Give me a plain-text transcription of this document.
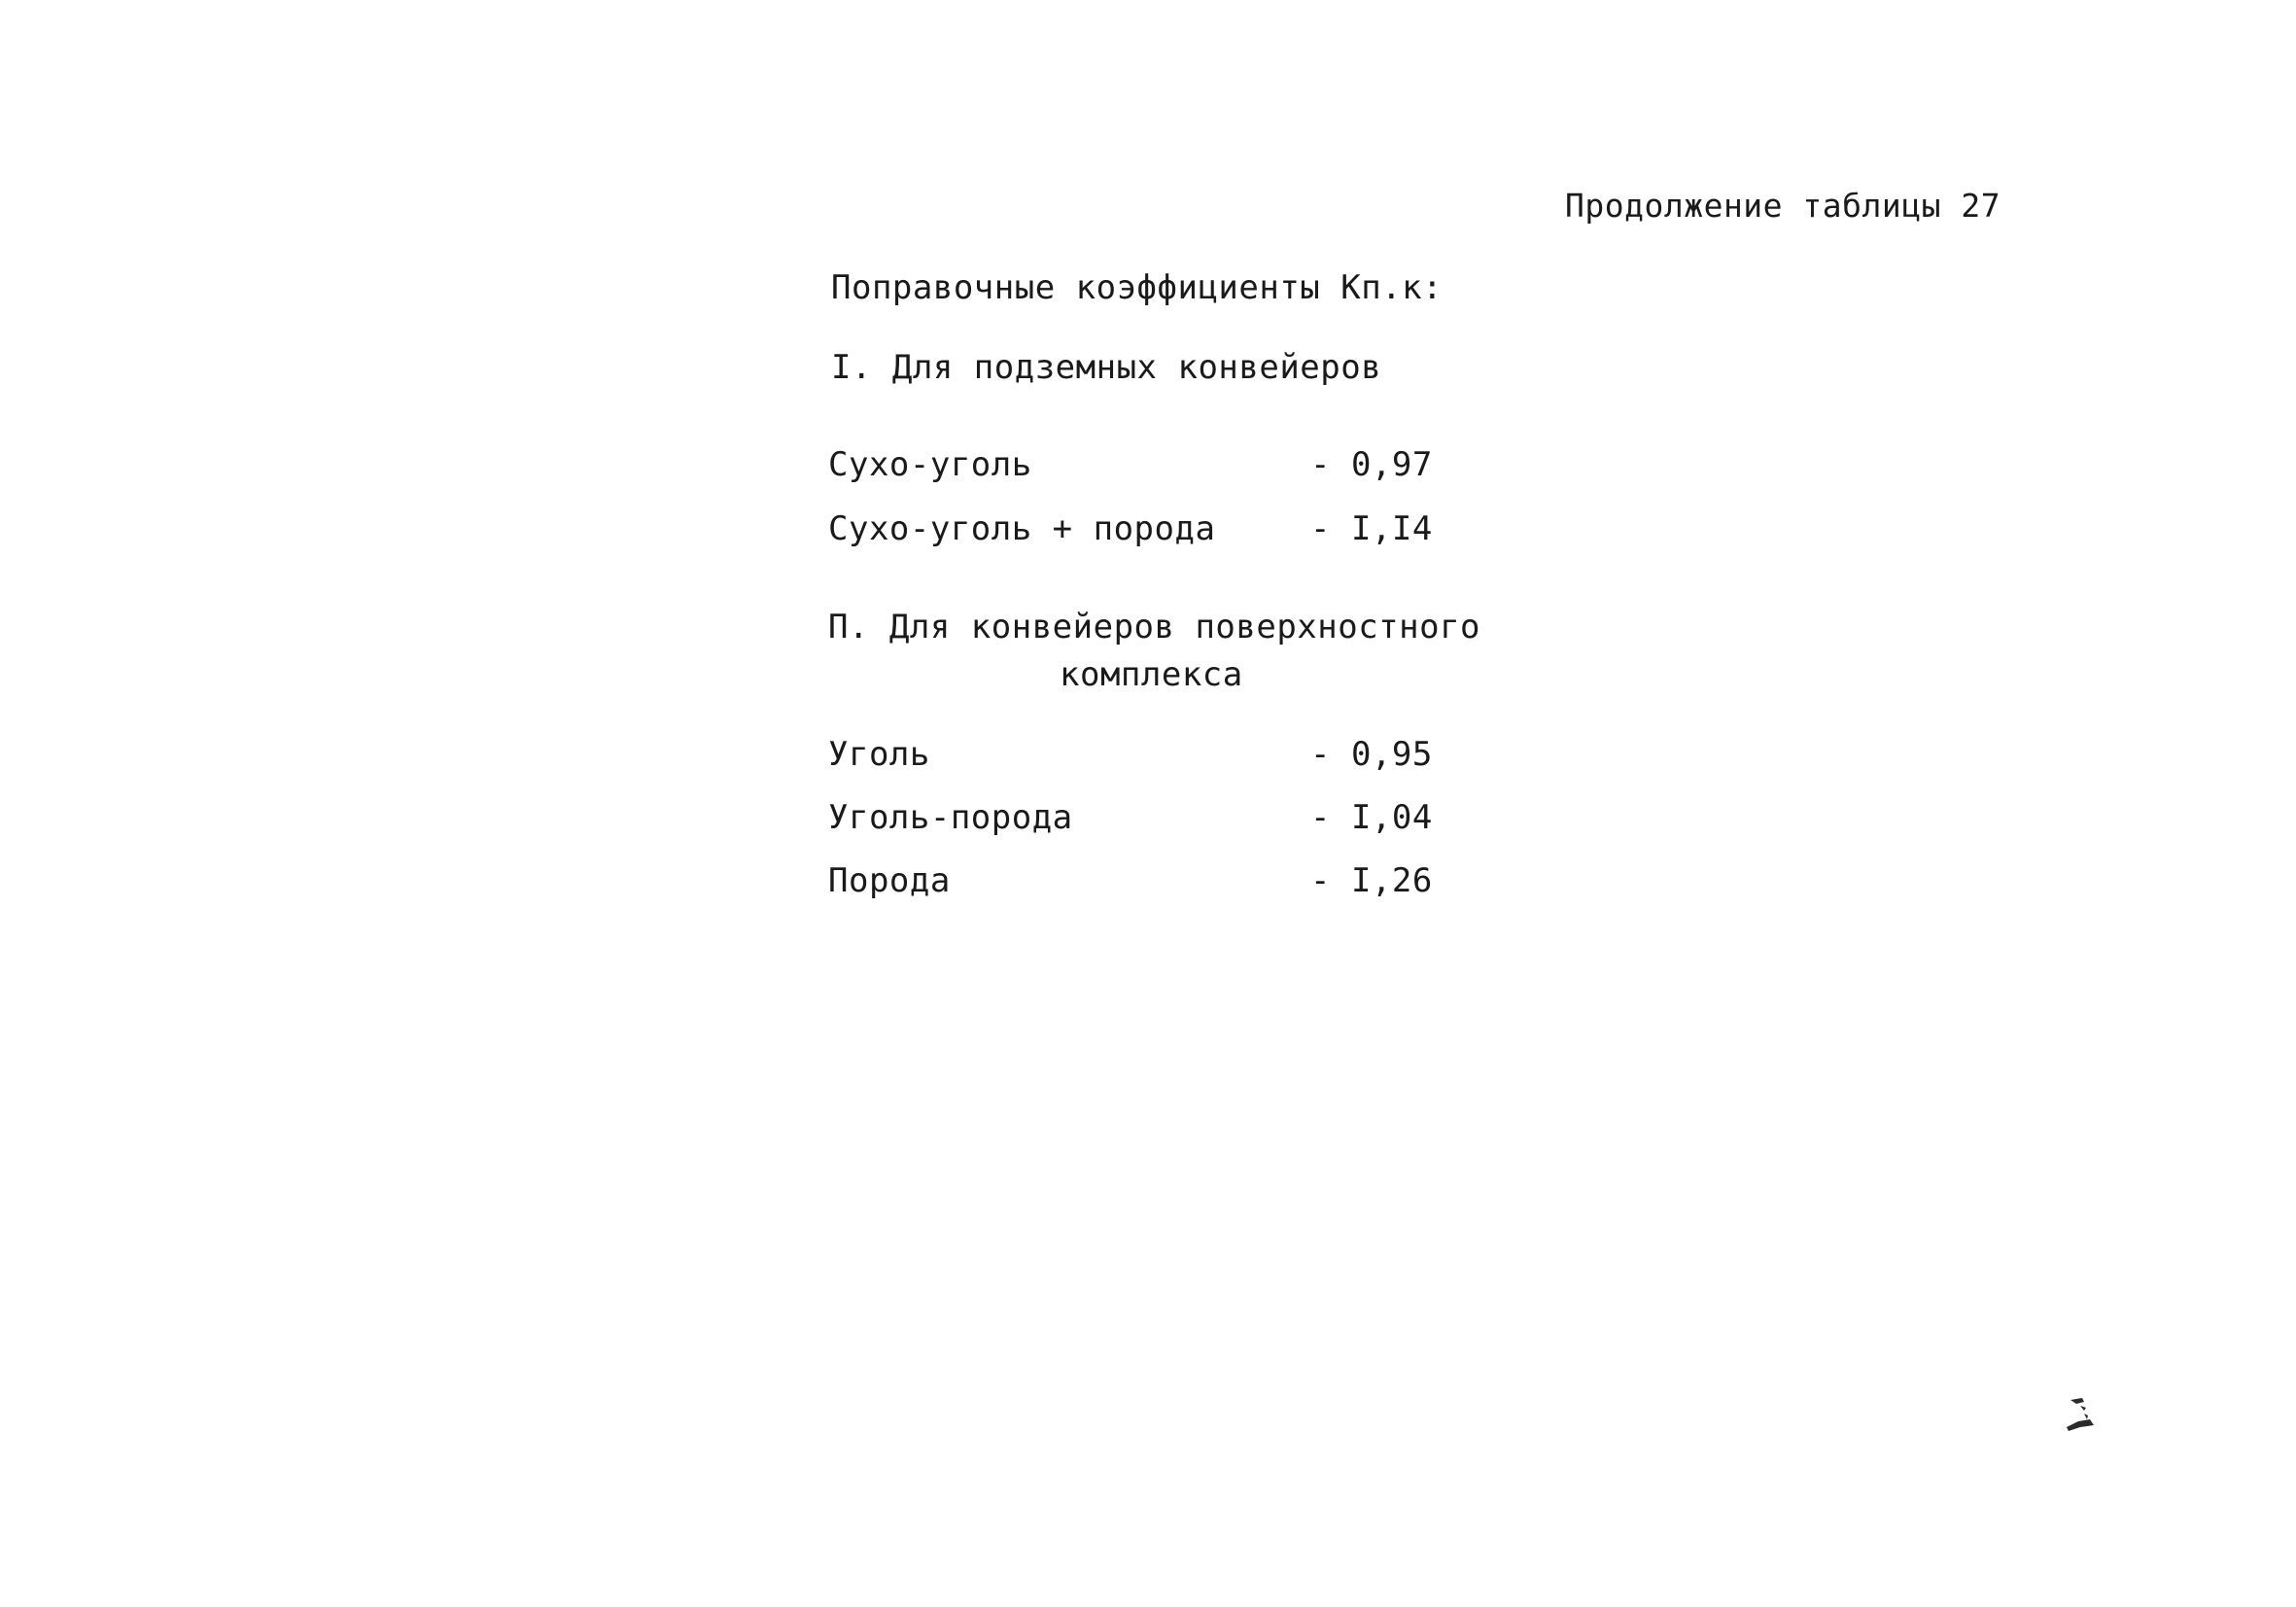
Продолжение таблицы 27
Поправочные коэффициенты Кп.к:
I. Для подземных конвейеров
Сухо-уголь	- 0,97
Сухо-уголь + порода	- I,I4
П. Для конвейеров поверхностного
комплекса
Уголь	- 0,95
Уголь-порода	- I,04
Порода	- I,26
